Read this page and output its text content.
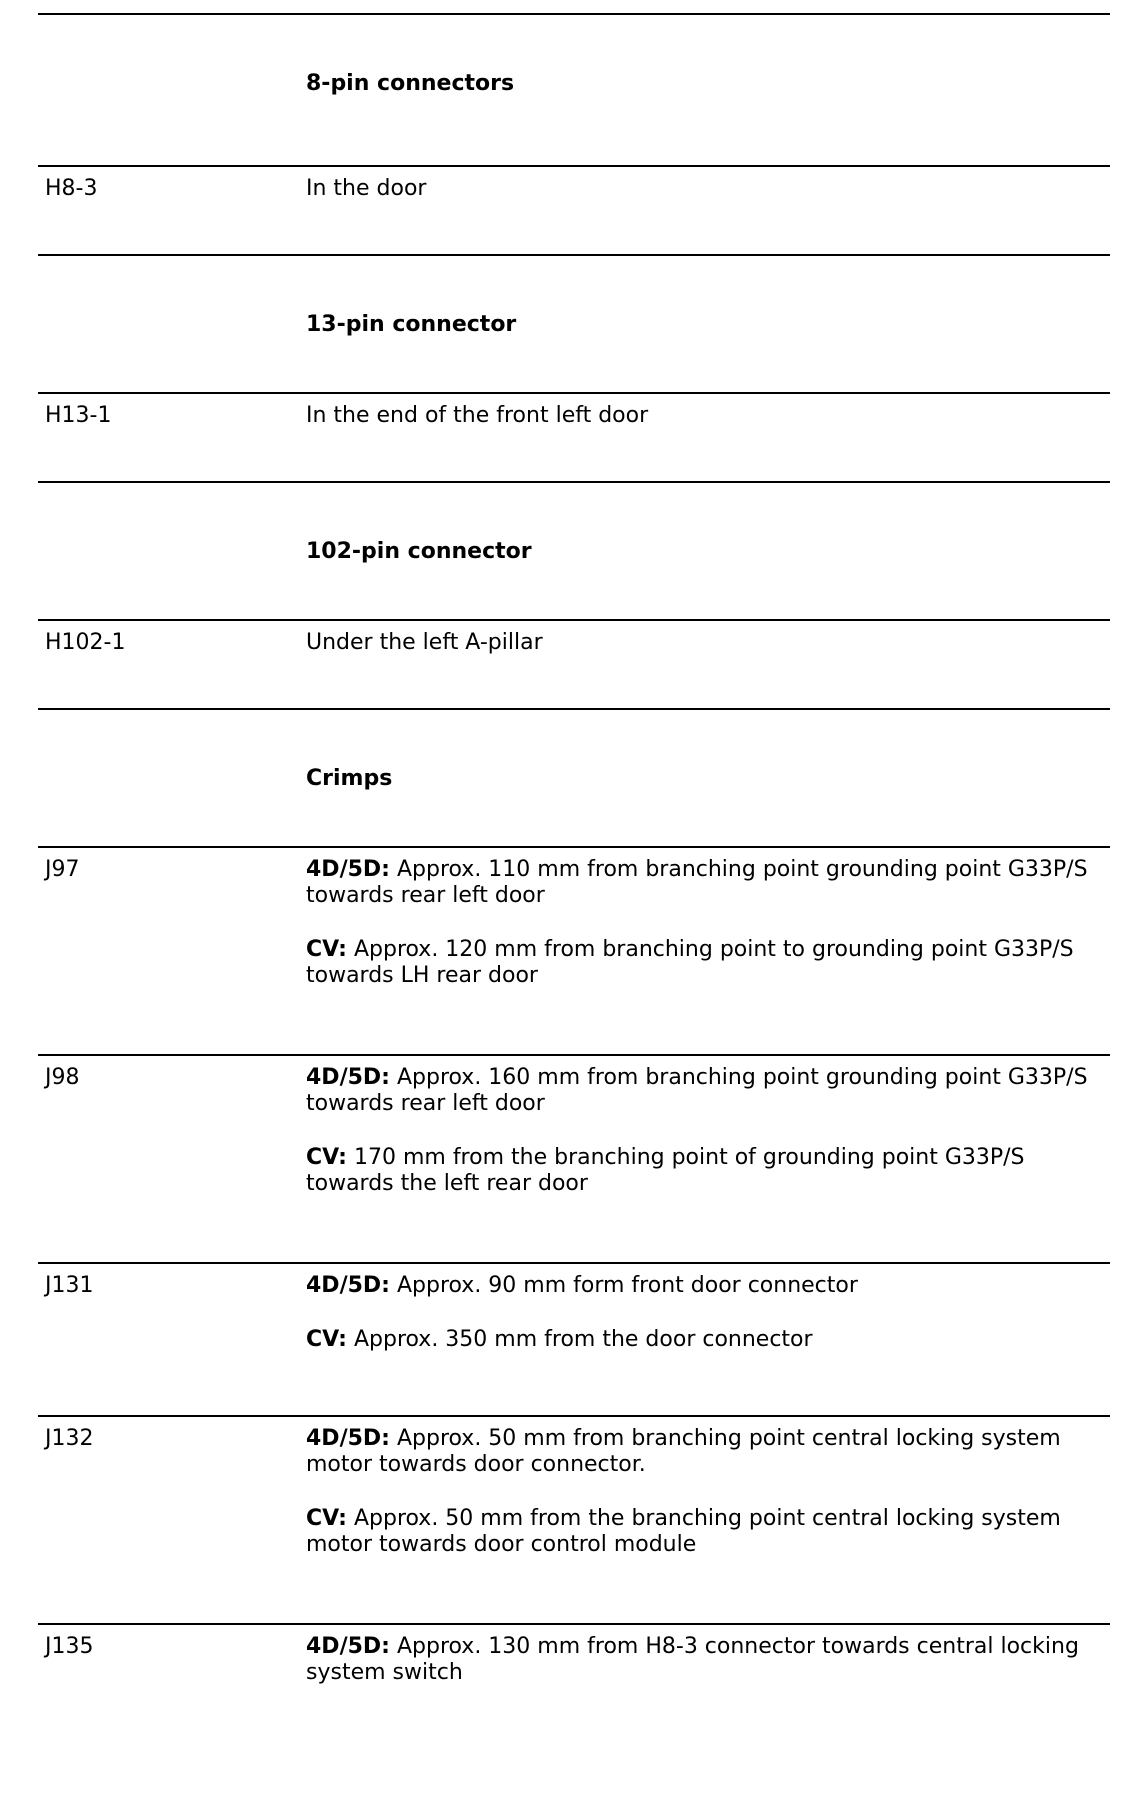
8-pin connectors
H8-3	In the door
13-pin connector
H13-1	In the end of the front left door
102-pin connector
H102-1	Under the left A-pillar
Crimps
J97	4D/5D: Approx. 110 mm from branching point grounding point G33P/S towards rear left door
CV: Approx. 120 mm from branching point to grounding point G33P/S towards LH rear door
J98	4D/5D: Approx. 160 mm from branching point grounding point G33P/S towards rear left door
CV: 170 mm from the branching point of grounding point G33P/S towards the left rear door
J131	4D/5D: Approx. 90 mm form front door connector
CV: Approx. 350 mm from the door connector
J132	4D/5D: Approx. 50 mm from branching point central locking system motor towards door connector.
CV: Approx. 50 mm from the branching point central locking system motor towards door control module
J135	4D/5D: Approx. 130 mm from H8-3 connector towards central locking system switch
